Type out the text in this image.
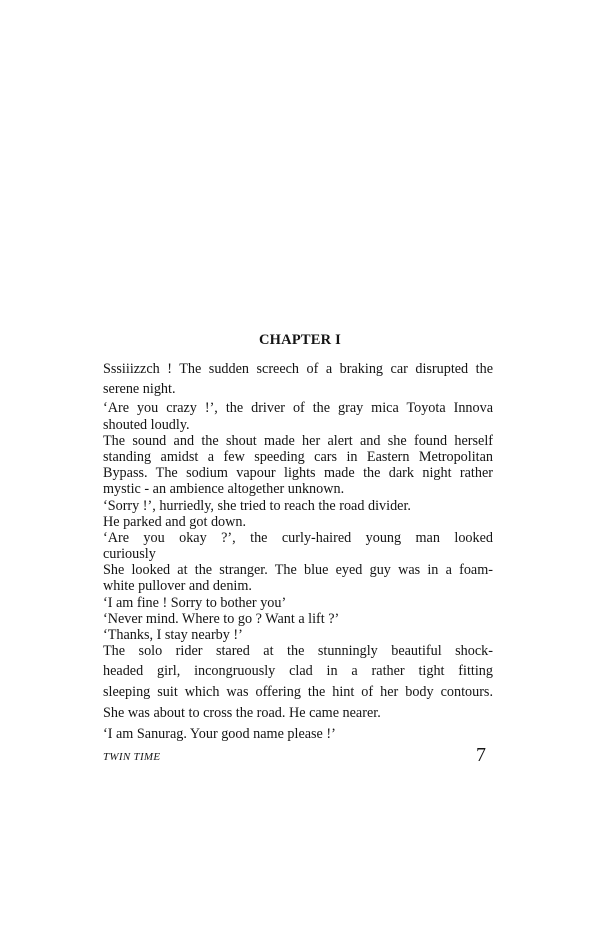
CHAPTER I
Sssiiizzch ! The sudden screech of a braking car disrupted the
serene night.
‘Are you crazy !’, the driver of the gray mica Toyota Innova
shouted loudly.
The sound and the shout made her alert and she found herself
standing amidst a few speeding cars in Eastern Metropolitan
Bypass. The sodium vapour lights made the dark night rather
mystic - an ambience altogether unknown.
‘Sorry !’, hurriedly, she tried to reach the road divider.
He parked and got down.
‘Are you okay ?’, the curly-haired young man looked
curiously
She looked at the stranger. The blue eyed guy was in a foam-
white pullover and denim.
‘I am fine ! Sorry to bother you’
‘Never mind. Where to go ? Want a lift ?’
‘Thanks, I stay nearby !’
The solo rider stared at the stunningly beautiful shock-
headed girl, incongruously clad in a rather tight fitting
sleeping suit which was offering the hint of her body contours.
She was about to cross the road. He came nearer.
‘I am Sanurag. Your good name please !’
TWIN TIME	7
